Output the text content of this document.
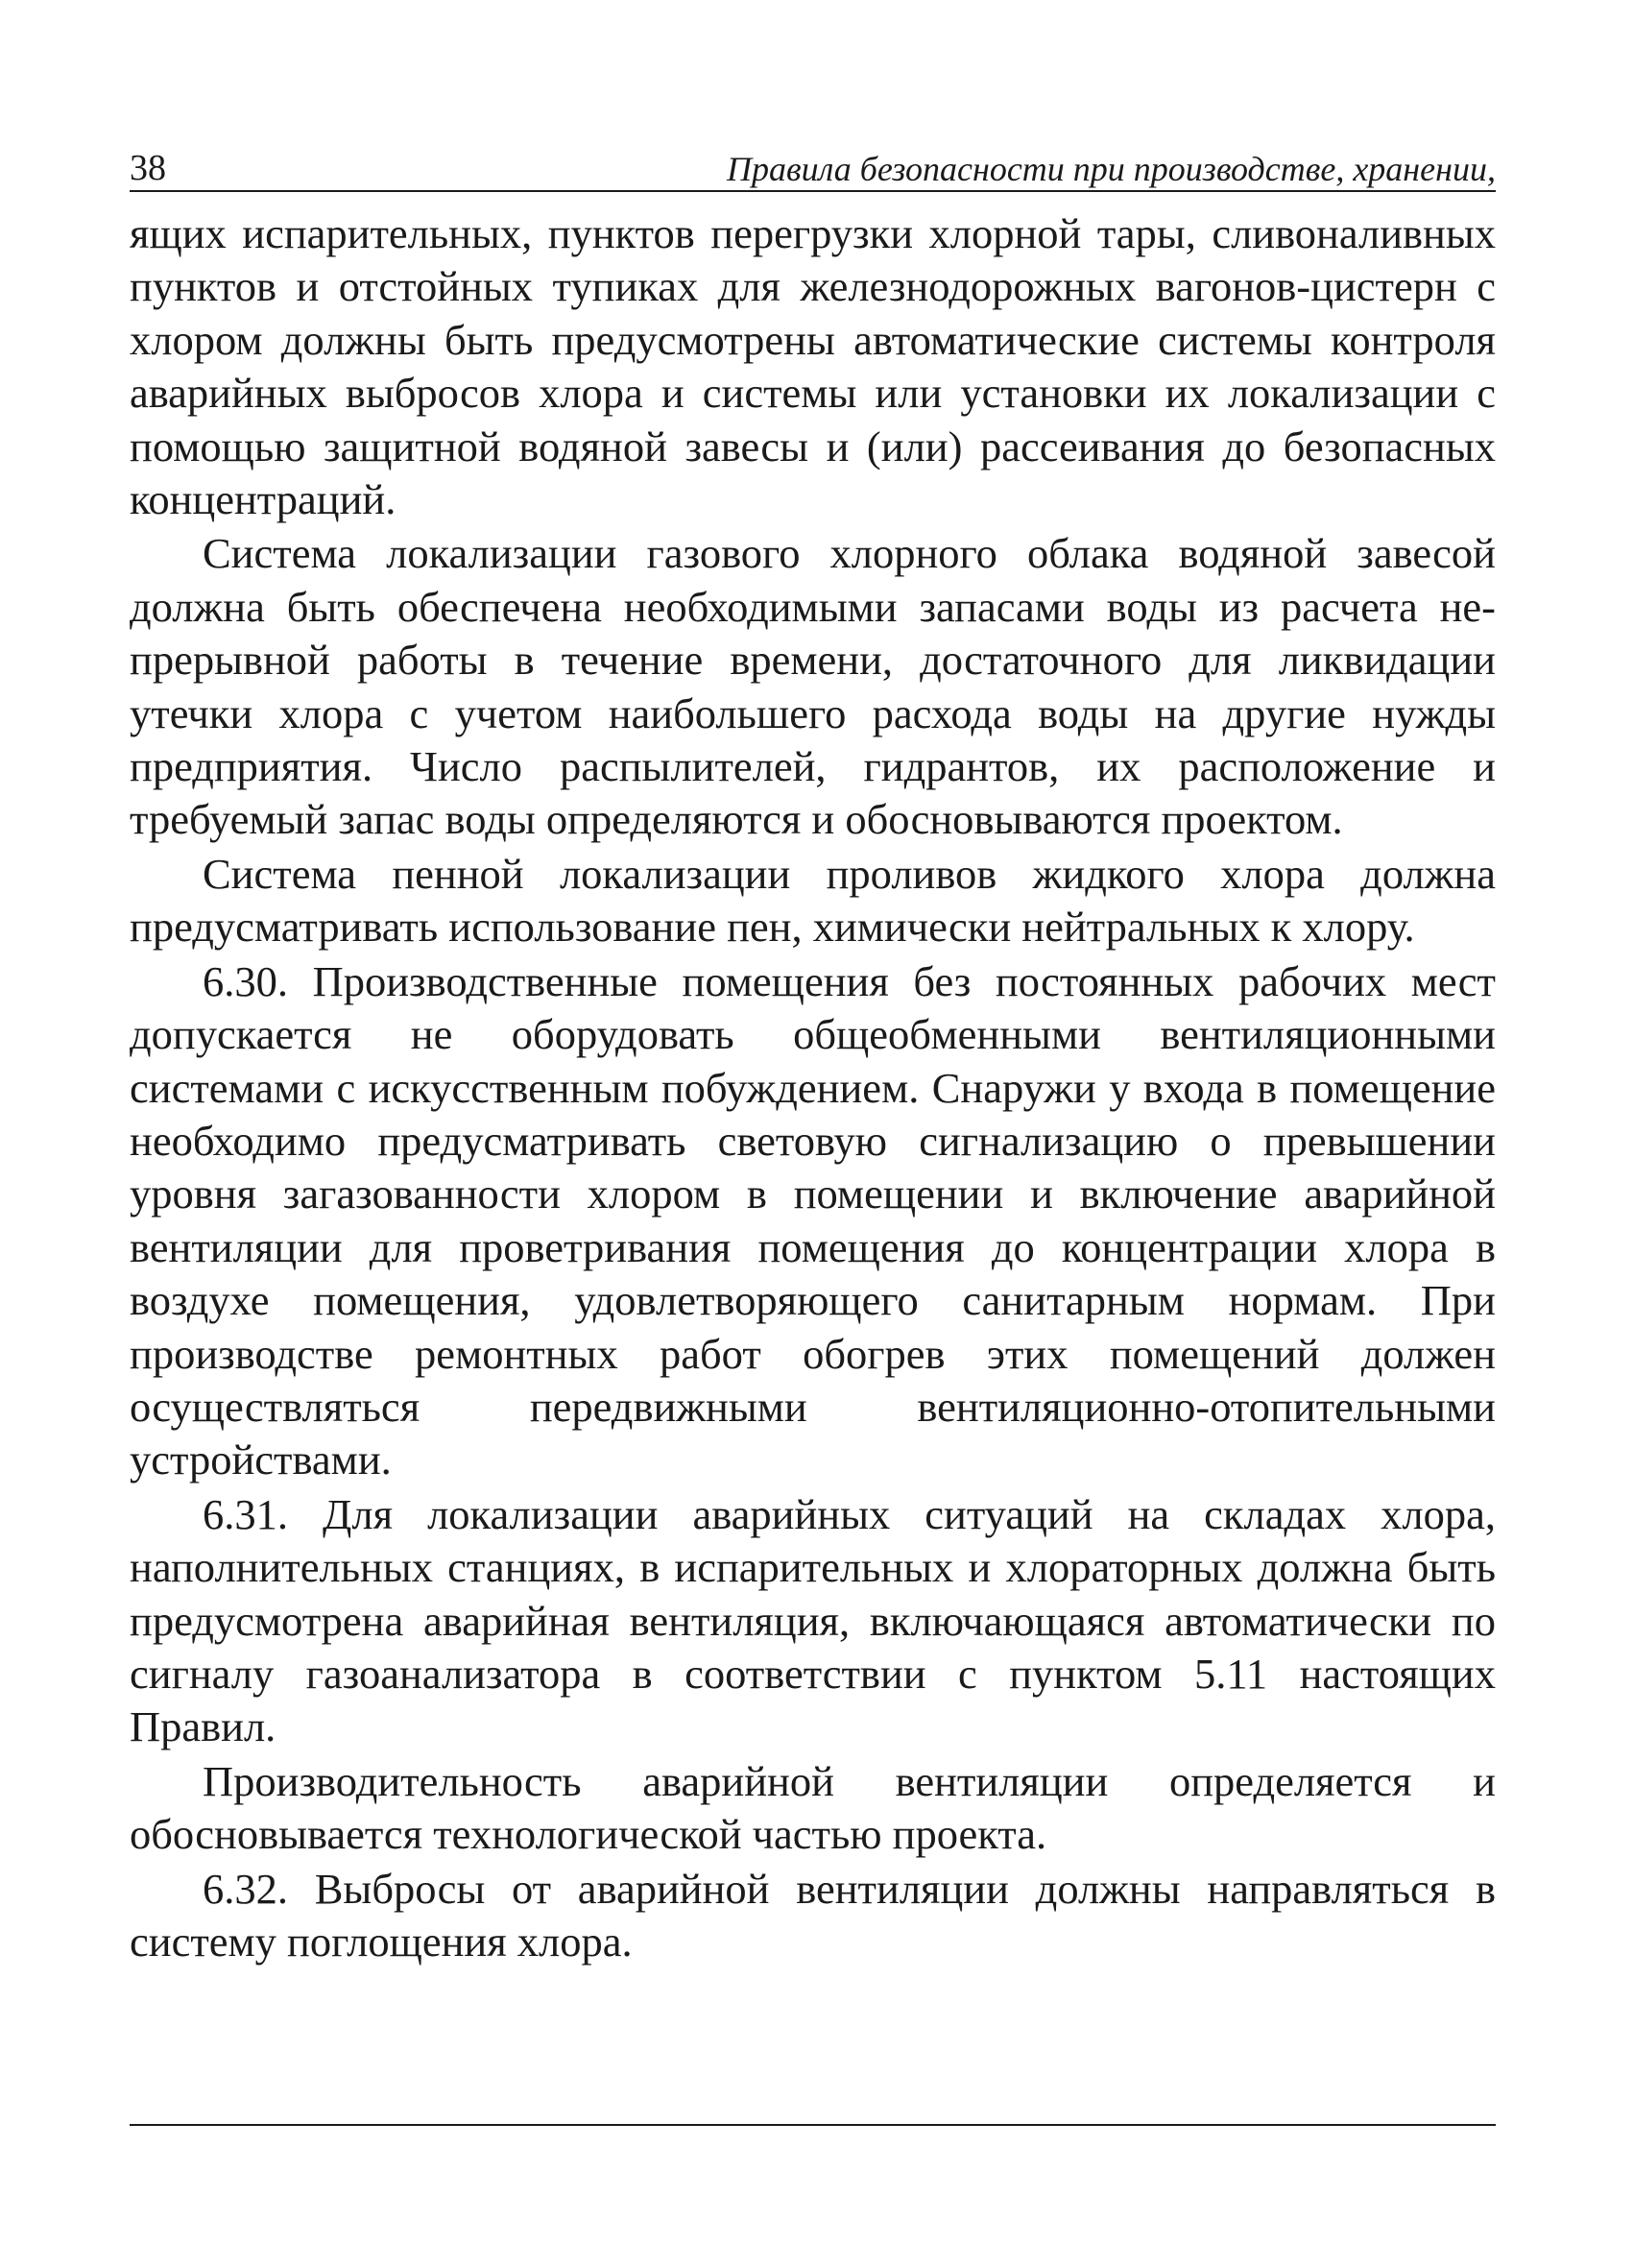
38	Правила безопасности при производстве, хранении,

ящих испарительных, пунктов перегрузки хлорной тары, сливоналивных пунктов и отстойных тупиках для железнодорожных вагонов-цистерн с хлором должны быть предусмотрены автоматические системы контроля аварийных выбросов хлора и системы или установки их локализации с помощью защитной водяной завесы и (или) рассеивания до безопасных концентраций.

Система локализации газового хлорного облака водяной завесой должна быть обеспечена необходимыми запасами воды из расчета непрерывной работы в течение времени, достаточного для ликвидации утечки хлора с учетом наибольшего расхода воды на другие нужды предприятия. Число распылителей, гидрантов, их расположение и требуемый запас воды определяются и обосновываются проектом.

Система пенной локализации проливов жидкого хлора должна предусматривать использование пен, химически нейтральных к хлору.

6.30. Производственные помещения без постоянных рабочих мест допускается не оборудовать общеобменными вентиляционными системами с искусственным побуждением. Снаружи у входа в помещение необходимо предусматривать световую сигнализацию о превышении уровня загазованности хлором в помещении и включение аварийной вентиляции для проветривания помещения до концентрации хлора в воздухе помещения, удовлетворяющего санитарным нормам. При производстве ремонтных работ обогрев этих помещений должен осуществляться передвижными вентиляционно-отопительными устройствами.

6.31. Для локализации аварийных ситуаций на складах хлора, наполнительных станциях, в испарительных и хлораторных должна быть предусмотрена аварийная вентиляция, включающаяся автоматически по сигналу газоанализатора в соответствии с пунктом 5.11 настоящих Правил.

Производительность аварийной вентиляции определяется и обосновывается технологической частью проекта.

6.32. Выбросы от аварийной вентиляции должны направляться в систему поглощения хлора.
